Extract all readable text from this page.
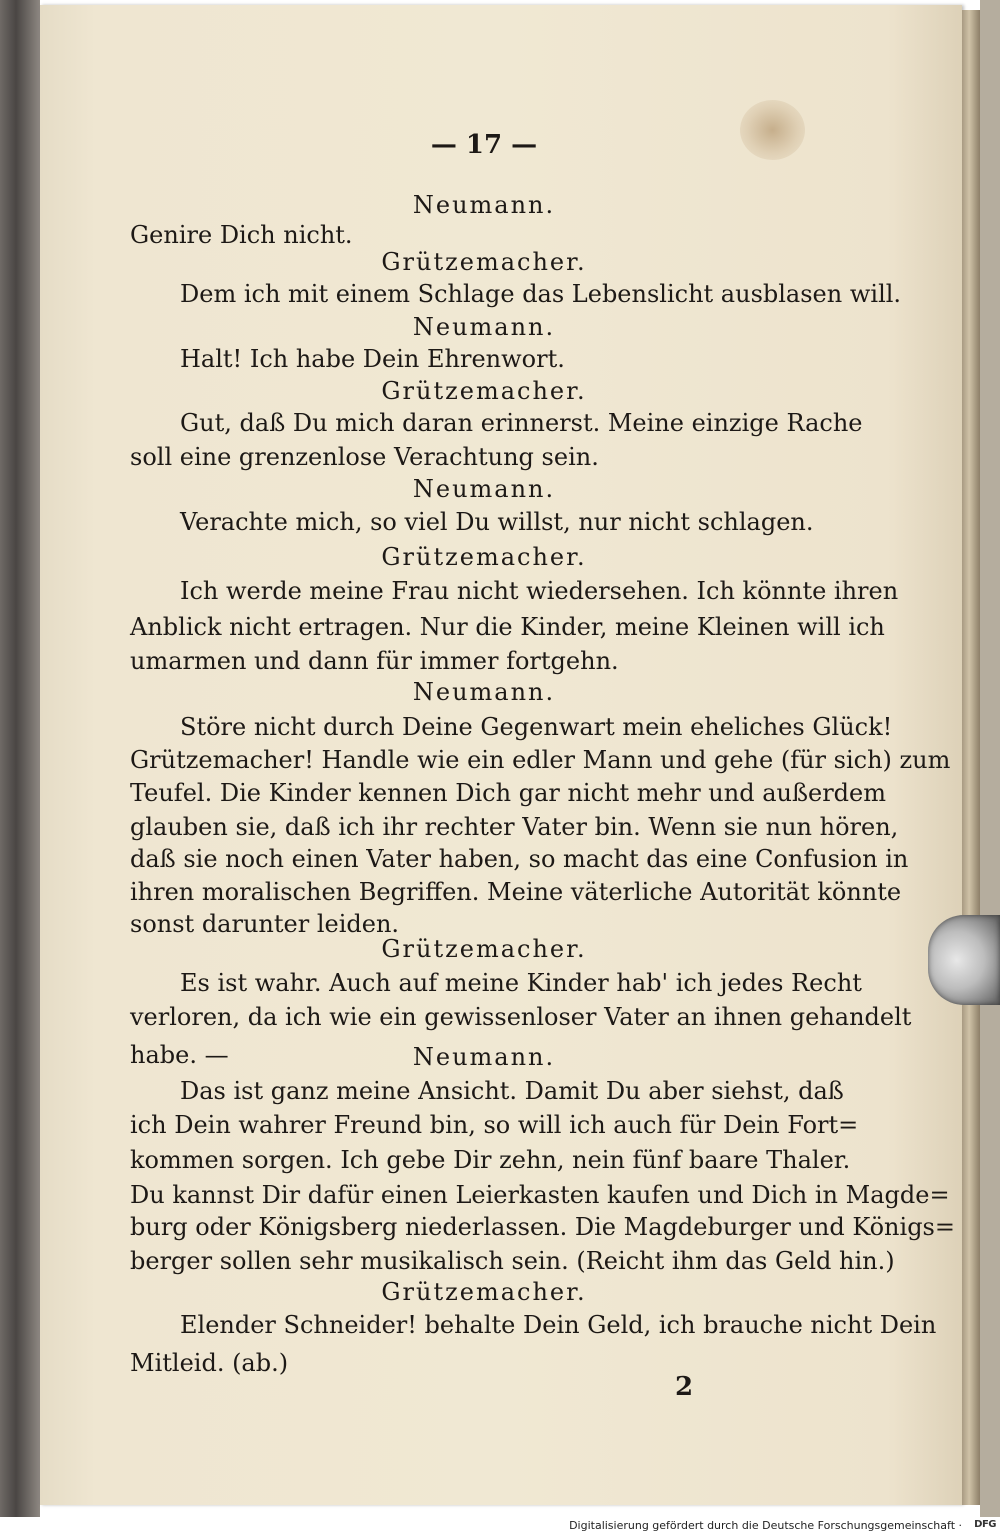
— 17 —
Neumann.
Genire Dich nicht.
Grützemacher.
Dem ich mit einem Schlage das Lebenslicht ausblasen will.
Neumann.
Halt! Ich habe Dein Ehrenwort.
Grützemacher.
Gut, daß Du mich daran erinnerst. Meine einzige Rache
soll eine grenzenlose Verachtung sein.
Neumann.
Verachte mich, so viel Du willst, nur nicht schlagen.
Grützemacher.
Ich werde meine Frau nicht wiedersehen. Ich könnte ihren
Anblick nicht ertragen. Nur die Kinder, meine Kleinen will ich
umarmen und dann für immer fortgehn.
Neumann.
Störe nicht durch Deine Gegenwart mein eheliches Glück!
Grützemacher! Handle wie ein edler Mann und gehe (für sich) zum
Teufel. Die Kinder kennen Dich gar nicht mehr und außerdem
glauben sie, daß ich ihr rechter Vater bin. Wenn sie nun hören,
daß sie noch einen Vater haben, so macht das eine Confusion in
ihren moralischen Begriffen. Meine väterliche Autorität könnte
sonst darunter leiden.
Grützemacher.
Es ist wahr. Auch auf meine Kinder hab' ich jedes Recht
verloren, da ich wie ein gewissenloser Vater an ihnen gehandelt
habe. —	Neumann.
Das ist ganz meine Ansicht. Damit Du aber siehst, daß
ich Dein wahrer Freund bin, so will ich auch für Dein Fort=
kommen sorgen. Ich gebe Dir zehn, nein fünf baare Thaler.
Du kannst Dir dafür einen Leierkasten kaufen und Dich in Magde=
burg oder Königsberg niederlassen. Die Magdeburger und Königs=
berger sollen sehr musikalisch sein. (Reicht ihm das Geld hin.)
Grützemacher.
Elender Schneider! behalte Dein Geld, ich brauche nicht Dein
Mitleid. (ab.)
2
Digitalisierung gefördert durch die Deutsche Forschungsgemeinschaft · DFG
